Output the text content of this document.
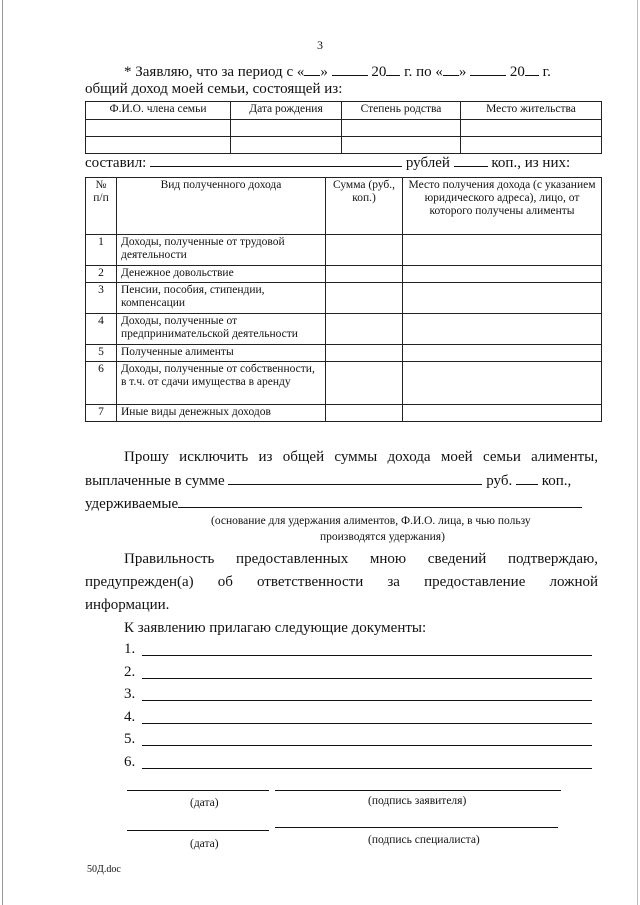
3
* Заявляю, что за период с « »	20 г. по « »	20 г.
общий доход моей семьи, состоящей из:
Ф.И.О. члена семьи	Дата рождения	Степень родства	Место жительства

составил:	рублей	коп., из них:
№ п/п	Вид полученного дохода	Сумма (руб., коп.)	Место получения дохода (с указанием юридического адреса), лицо, от которого получены алименты
1	Доходы, полученные от трудовой деятельности		
2	Денежное довольствие		
3	Пенсии, пособия, стипендии, компенсации		
4	Доходы, полученные от предпринимательской деятельности		
5	Полученные алименты		
6	Доходы, полученные от собственности, в т.ч. от сдачи имущества в аренду		
7	Иные виды денежных доходов		
Прошу исключить из общей суммы дохода моей семьи алименты,
выплаченные в сумме	руб. коп.,
удерживаемые
(основание для удержания алиментов, Ф.И.О. лица, в чью пользу
производятся удержания)
Правильность предоставленных мною сведений подтверждаю,
предупрежден(а) об ответственности за предоставление ложной
информации.
К заявлению прилагаю следующие документы:
1.
2.
3.
4.
5.
6.
(дата)	(подпись заявителя)
(дата)	(подпись специалиста)
50Д.doc
